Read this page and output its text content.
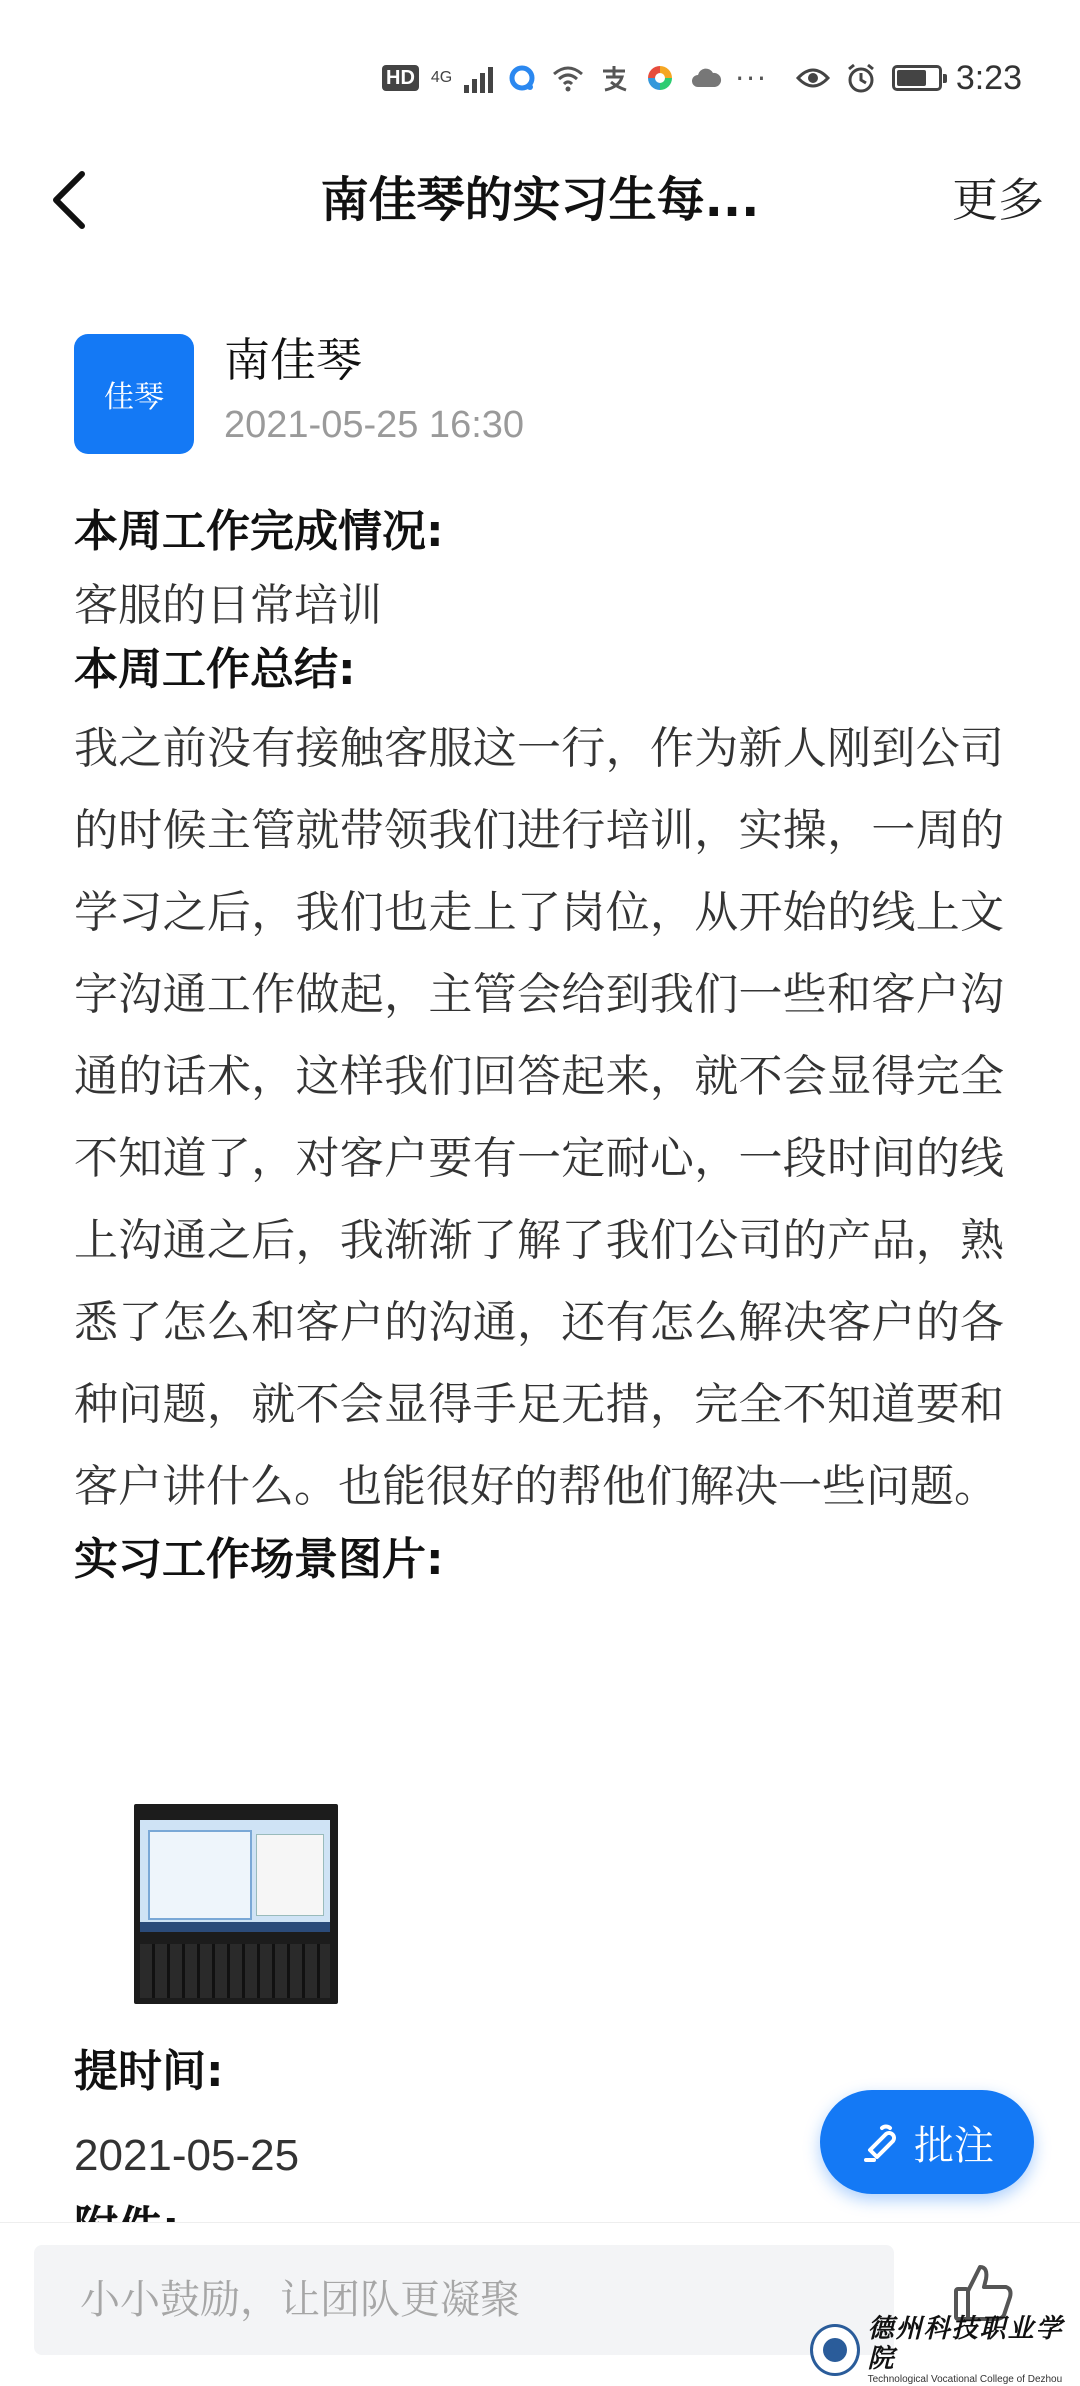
HD 4G	···	3:23
南佳琴的实习生每...	更多
佳琴
南佳琴
2021-05-25 16:30
本周工作完成情况:
客服的日常培训
本周工作总结:
我之前没有接触客服这一行，作为新人刚到公司的时候主管就带领我们进行培训，实操，一周的学习之后，我们也走上了岗位，从开始的线上文字沟通工作做起，主管会给到我们一些和客户沟通的话术，这样我们回答起来，就不会显得完全不知道了，对客户要有一定耐心，一段时间的线上沟通之后，我渐渐了解了我们公司的产品，熟悉了怎么和客户的沟通，还有怎么解决客户的各种问题，就不会显得手足无措，完全不知道要和客户讲什么。也能很好的帮他们解决一些问题。
实习工作场景图片:
提时间:
2021-05-25	批注
小小鼓励，让团队更凝聚
德州科技职业学院
Technological Vocational College of Dezhou
